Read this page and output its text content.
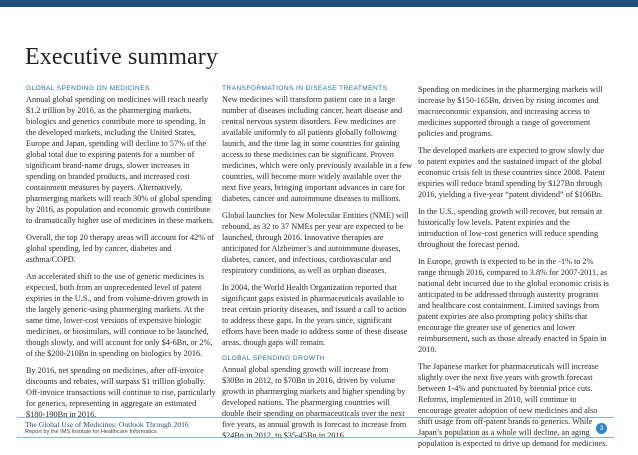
Executive summary
GLOBAL SPENDING ON MEDICINES

Annual global spending on medicines will reach nearly $1.2 trillion by 2016, as the pharmerging markets, biologics and generics contribute more to spending. In the developed markets, including the United States, Europe and Japan, spending will decline to 57% of the global total due to expiring patents for a number of significant brand-name drugs, slower increases in spending on branded products, and increased cost containment measures by payers. Alternatively, pharmerging markets will reach 30% of global spending by 2016, as population and economic growth contribute to dramatically higher use of medicines in these markets.

Overall, the top 20 therapy areas will account for 42% of global spending, led by cancer, diabetes and asthma/COPD.

An accelerated shift to the use of generic medicines is expected, both from an unprecedented level of patent expiries in the U.S., and from volume-driven growth in the largely generic-using pharmerging markets. At the same time, lower-cost versions of expensive biologic medicines, or biosimilars, will continue to be launched, though slowly, and will account for only $4-6Bn, or 2%, of the $200-210Bn in spending on biologics by 2016.

By 2016, net spending on medicines, after off-invoice discounts and rebates, will surpass $1 trillion globally. Off-invoice transactions will continue to rise, particularly for generics, representing in aggregate an estimated $180-190Bn in 2016.

TRANSFORMATIONS IN DISEASE TREATMENTS

New medicines will transform patient care in a large number of diseases including cancer, heart disease and central nervous system disorders. Few medicines are available uniformly to all patients globally following launch, and the time lag in some countries for gaining access to these medicines can be significant. Proven medicines, which were only previously available in a few countries, will become more widely available over the next five years, bringing important advances in care for diabetes, cancer and autoimmune diseases to millions.

Global launches for New Molecular Entities (NME) will rebound, as 32 to 37 NMEs per year are expected to be launched, through 2016. Innovative therapies are anticipated for Alzheimer’s and autoimmune diseases, diabetes, cancer, and infectious, cardiovascular and respiratory conditions, as well as orphan diseases.

In 2004, the World Health Organization reported that significant gaps existed in pharmaceuticals available to treat certain priority diseases, and issued a call to action to address these gaps. In the years since, significant efforts have been made to address some of these disease areas, though gaps will remain.

GLOBAL SPENDING GROWTH

Annual global spending growth will increase from $30Bn in 2012, to $70Bn in 2016, driven by volume growth in pharmerging markets and higher spending by developed nations. The pharmerging countries will double their spending on pharmaceuticals over the next five years, as annual growth is forecast to increase from $24Bn in 2012, to $35-45Bn in 2016.

Spending on medicines in the pharmerging markets will increase by $150-165Bn, driven by rising incomes and macroeconomic expansion, and increasing access to medicines supported through a range of government policies and programs.

The developed markets are expected to grow slowly due to patent expiries and the sustained impact of the global economic crisis felt in these countries since 2008. Patent expiries will reduce brand spending by $127Bn through 2016, yielding a five-year “patent dividend” of $106Bn.

In the U.S., spending growth will recover, but remain at historically low levels. Patent expiries and the introduction of low-cost generics will reduce spending throughout the forecast period.

In Europe, growth is expected to be in the -1% to 2% range through 2016, compared to 3.8% for 2007-2011, as national debt incurred due to the global economic crisis is anticipated to be addressed through austerity programs and healthcare cost containment. Limited savings from patent expiries are also prompting policy shifts that encourage the greater use of generics and lower reimbursement, such as those already enacted in Spain in 2010.

The Japanese market for pharmaceuticals will increase slightly over the next five years with growth forecast between 1-4% and punctuated by biennial price cuts. Reforms, implemented in 2010, will continue to encourage greater adoption of new medicines and also shift usage from off-patent brands to generics. While Japan’s population as a whole will decline, an aging population is expected to drive up demand for medicines.

The Global Use of Medicines: Outlook Through 2016
Report by the IMS Institute for Healthcare Informatics	3
